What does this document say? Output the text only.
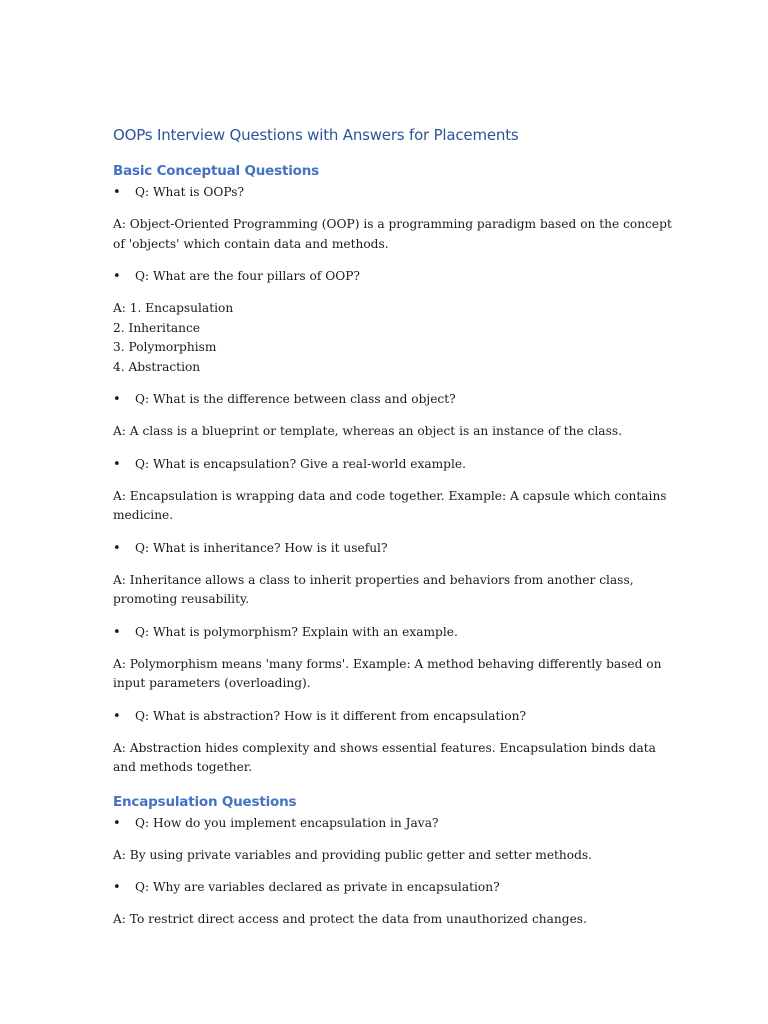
OOPs Interview Questions with Answers for Placements
Basic Conceptual Questions
• Q: What is OOPs?

A: Object-Oriented Programming (OOP) is a programming paradigm based on the concept of 'objects' which contain data and methods.

• Q: What are the four pillars of OOP?

A: 1. Encapsulation
2. Inheritance
3. Polymorphism
4. Abstraction

• Q: What is the difference between class and object?

A: A class is a blueprint or template, whereas an object is an instance of the class.

• Q: What is encapsulation? Give a real-world example.

A: Encapsulation is wrapping data and code together. Example: A capsule which contains medicine.

• Q: What is inheritance? How is it useful?

A: Inheritance allows a class to inherit properties and behaviors from another class, promoting reusability.

• Q: What is polymorphism? Explain with an example.

A: Polymorphism means 'many forms'. Example: A method behaving differently based on input parameters (overloading).

• Q: What is abstraction? How is it different from encapsulation?

A: Abstraction hides complexity and shows essential features. Encapsulation binds data and methods together.

Encapsulation Questions
• Q: How do you implement encapsulation in Java?

A: By using private variables and providing public getter and setter methods.

• Q: Why are variables declared as private in encapsulation?

A: To restrict direct access and protect the data from unauthorized changes.
